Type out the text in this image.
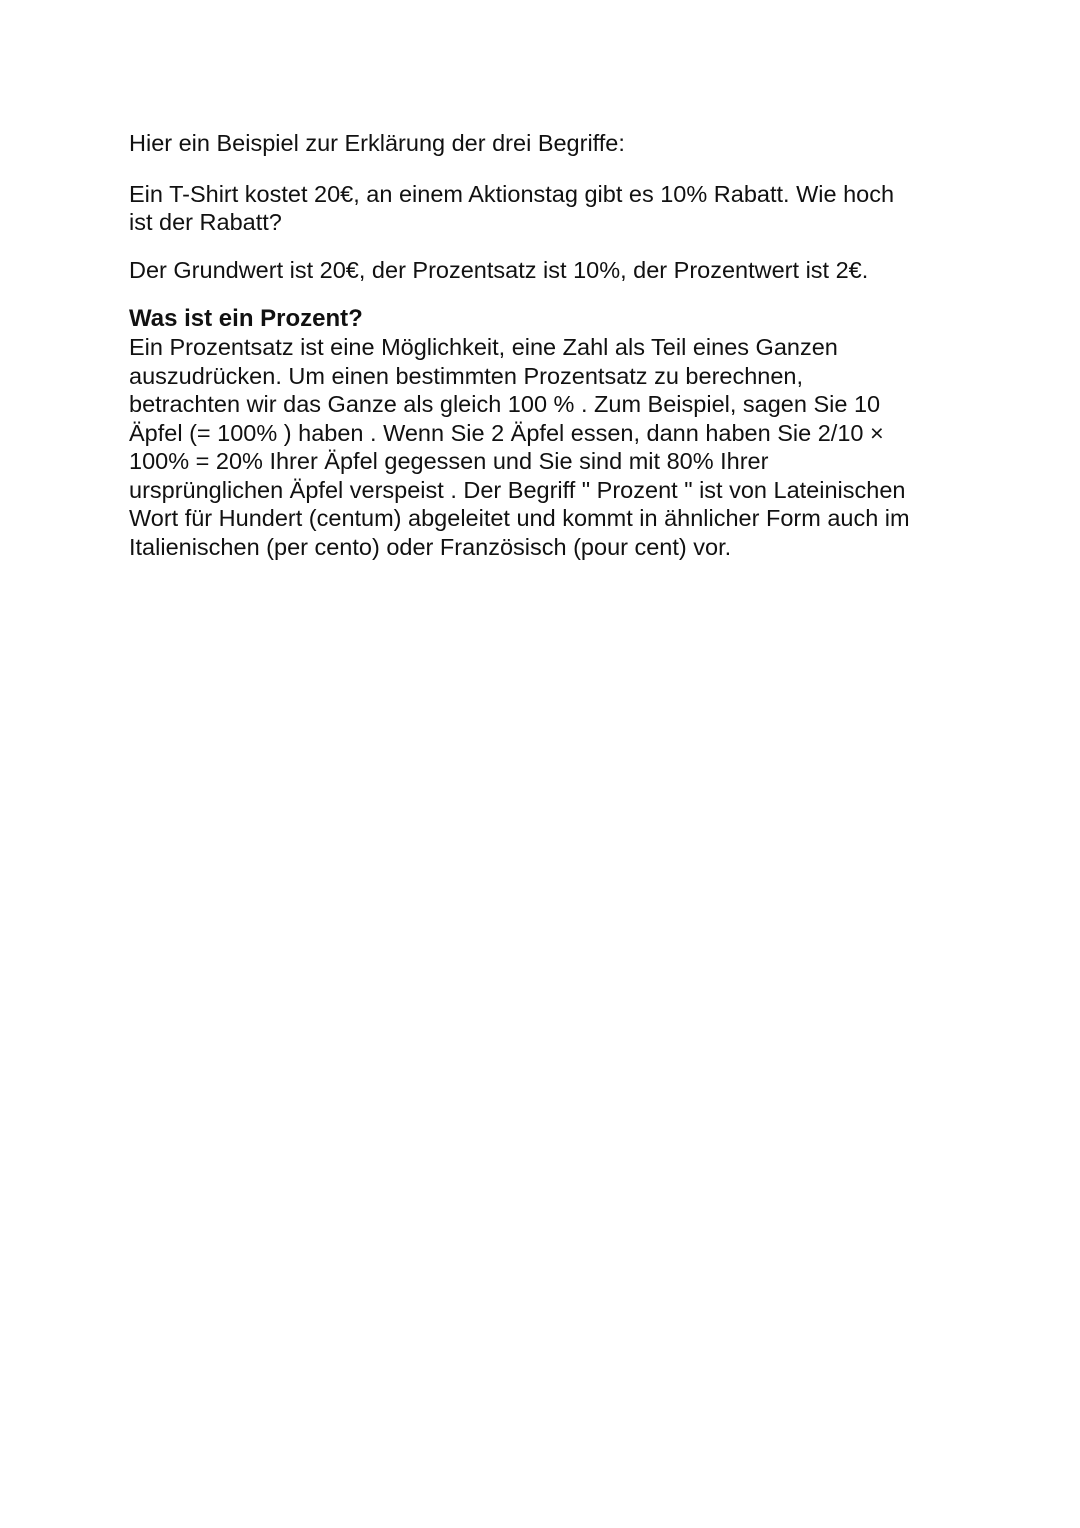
Hier ein Beispiel zur Erklärung der drei Begriffe:
Ein T-Shirt kostet 20€, an einem Aktionstag gibt es 10% Rabatt. Wie hoch
ist der Rabatt?
Der Grundwert ist 20€, der Prozentsatz ist 10%, der Prozentwert ist 2€.
Was ist ein Prozent?
Ein Prozentsatz ist eine Möglichkeit, eine Zahl als Teil eines Ganzen
auszudrücken. Um einen bestimmten Prozentsatz zu berechnen,
betrachten wir das Ganze als gleich 100 % . Zum Beispiel, sagen Sie 10
Äpfel (= 100% ) haben . Wenn Sie 2 Äpfel essen, dann haben Sie 2/10 ×
100% = 20% Ihrer Äpfel gegessen und Sie sind mit 80% Ihrer
ursprünglichen Äpfel verspeist . Der Begriff " Prozent " ist von Lateinischen
Wort für Hundert (centum) abgeleitet und kommt in ähnlicher Form auch im
Italienischen (per cento) oder Französisch (pour cent) vor.
